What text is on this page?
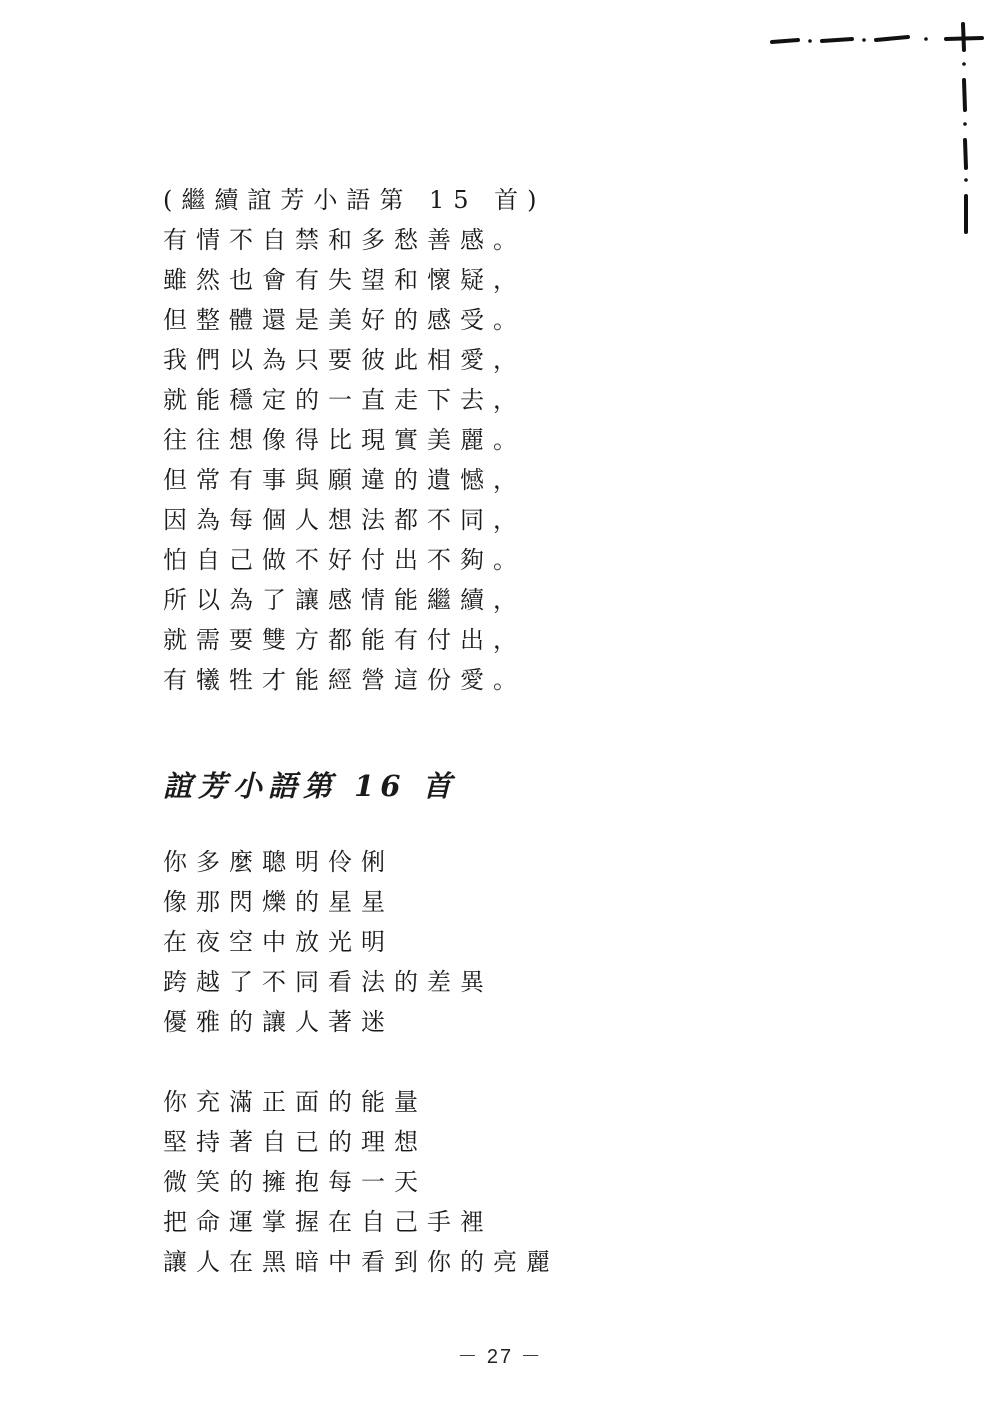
(繼續誼芳小語第 15 首)
有情不自禁和多愁善感。
雖然也會有失望和懷疑，
但整體還是美好的感受。
我們以為只要彼此相愛，
就能穩定的一直走下去，
往往想像得比現實美麗。
但常有事與願違的遺憾，
因為每個人想法都不同，
怕自己做不好付出不夠。
所以為了讓感情能繼續，
就需要雙方都能有付出，
有犧牲才能經營這份愛。
誼芳小語第 16 首
你多麼聰明伶俐
像那閃爍的星星
在夜空中放光明
跨越了不同看法的差異
優雅的讓人著迷
你充滿正面的能量
堅持著自已的理想
微笑的擁抱每一天
把命運掌握在自己手裡
讓人在黑暗中看到你的亮麗
－ 27 －
